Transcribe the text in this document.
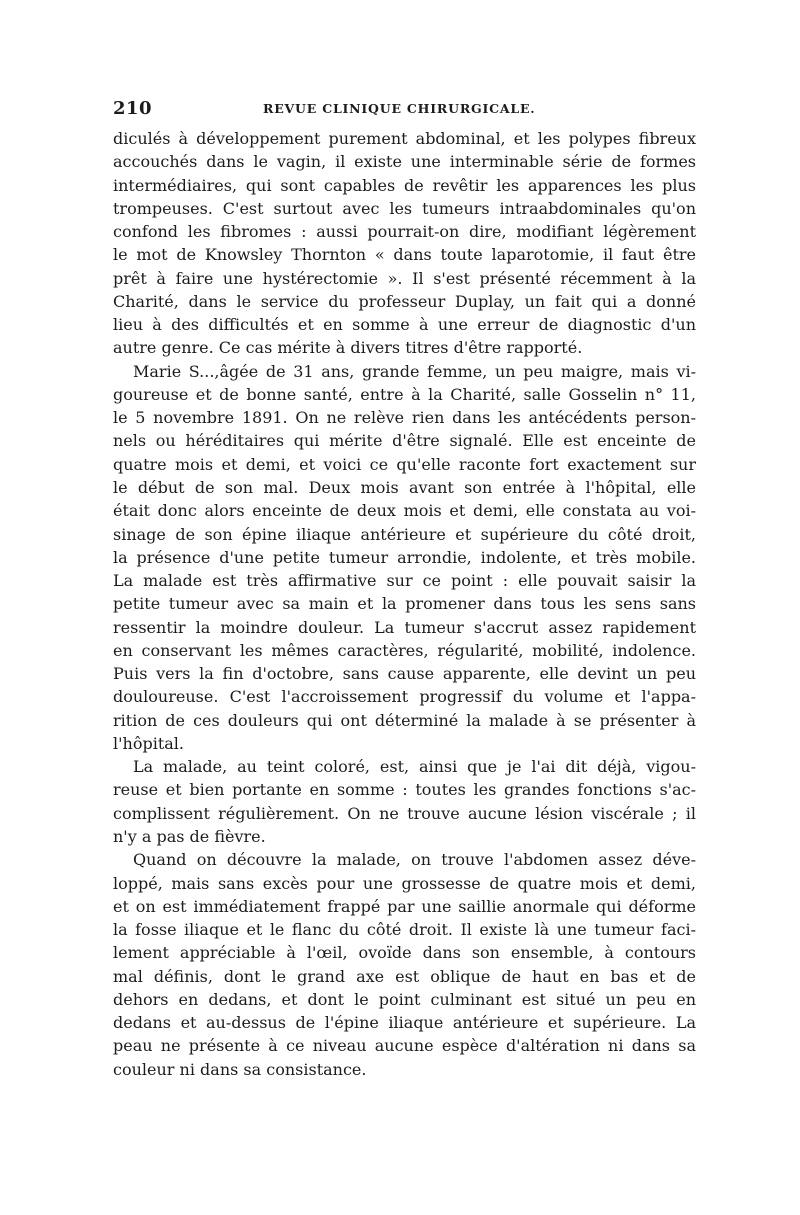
210	REVUE CLINIQUE CHIRURGICALE.
diculés à développement purement abdominal, et les polypes fibreux
accouchés dans le vagin, il existe une interminable série de formes
intermédiaires, qui sont capables de revêtir les apparences les plus
trompeuses. C'est surtout avec les tumeurs intraabdominales qu'on
confond les fibromes : aussi pourrait-on dire, modifiant légèrement
le mot de Knowsley Thornton « dans toute laparotomie, il faut être
prêt à faire une hystérectomie ». Il s'est présenté récemment à la
Charité, dans le service du professeur Duplay, un fait qui a donné
lieu à des difficultés et en somme à une erreur de diagnostic d'un
autre genre. Ce cas mérite à divers titres d'être rapporté.
Marie S...,âgée de 31 ans, grande femme, un peu maigre, mais vi-
goureuse et de bonne santé, entre à la Charité, salle Gosselin n° 11,
le 5 novembre 1891. On ne relève rien dans les antécédents person-
nels ou héréditaires qui mérite d'être signalé. Elle est enceinte de
quatre mois et demi, et voici ce qu'elle raconte fort exactement sur
le début de son mal. Deux mois avant son entrée à l'hôpital, elle
était donc alors enceinte de deux mois et demi, elle constata au voi-
sinage de son épine iliaque antérieure et supérieure du côté droit,
la présence d'une petite tumeur arrondie, indolente, et très mobile.
La malade est très affirmative sur ce point : elle pouvait saisir la
petite tumeur avec sa main et la promener dans tous les sens sans
ressentir la moindre douleur. La tumeur s'accrut assez rapidement
en conservant les mêmes caractères, régularité, mobilité, indolence.
Puis vers la fin d'octobre, sans cause apparente, elle devint un peu
douloureuse. C'est l'accroissement progressif du volume et l'appa-
rition de ces douleurs qui ont déterminé la malade à se présenter à
l'hôpital.
La malade, au teint coloré, est, ainsi que je l'ai dit déjà, vigou-
reuse et bien portante en somme : toutes les grandes fonctions s'ac-
complissent régulièrement. On ne trouve aucune lésion viscérale ; il
n'y a pas de fièvre.
Quand on découvre la malade, on trouve l'abdomen assez déve-
loppé, mais sans excès pour une grossesse de quatre mois et demi,
et on est immédiatement frappé par une saillie anormale qui déforme
la fosse iliaque et le flanc du côté droit. Il existe là une tumeur faci-
lement appréciable à l'œil, ovoïde dans son ensemble, à contours
mal définis, dont le grand axe est oblique de haut en bas et de
dehors en dedans, et dont le point culminant est situé un peu en
dedans et au-dessus de l'épine iliaque antérieure et supérieure. La
peau ne présente à ce niveau aucune espèce d'altération ni dans sa
couleur ni dans sa consistance.
